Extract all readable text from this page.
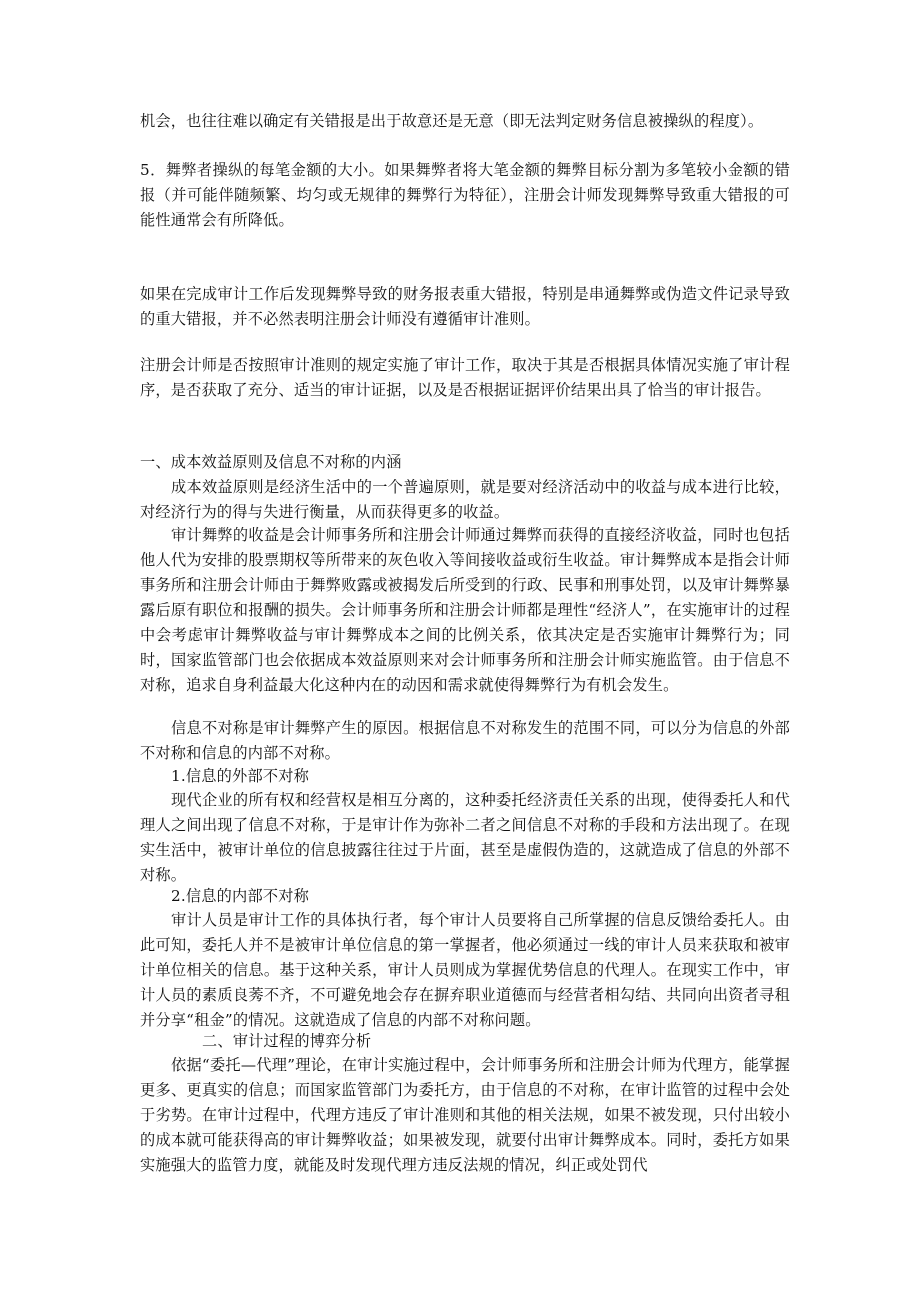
机会，也往往难以确定有关错报是出于故意还是无意（即无法判定财务信息被操纵的程度）。

5．舞弊者操纵的每笔金额的大小。如果舞弊者将大笔金额的舞弊目标分割为多笔较小金额的错报（并可能伴随频繁、均匀或无规律的舞弊行为特征），注册会计师发现舞弊导致重大错报的可能性通常会有所降低。

如果在完成审计工作后发现舞弊导致的财务报表重大错报，特别是串通舞弊或伪造文件记录导致的重大错报，并不必然表明注册会计师没有遵循审计准则。

注册会计师是否按照审计准则的规定实施了审计工作，取决于其是否根据具体情况实施了审计程序，是否获取了充分、适当的审计证据，以及是否根据证据评价结果出具了恰当的审计报告。

一、成本效益原则及信息不对称的内涵

成本效益原则是经济生活中的一个普遍原则，就是要对经济活动中的收益与成本进行比较，对经济行为的得与失进行衡量，从而获得更多的收益。

审计舞弊的收益是会计师事务所和注册会计师通过舞弊而获得的直接经济收益，同时也包括他人代为安排的股票期权等所带来的灰色收入等间接收益或衍生收益。审计舞弊成本是指会计师事务所和注册会计师由于舞弊败露或被揭发后所受到的行政、民事和刑事处罚，以及审计舞弊暴露后原有职位和报酬的损失。会计师事务所和注册会计师都是理性“经济人”，在实施审计的过程中会考虑审计舞弊收益与审计舞弊成本之间的比例关系，依其决定是否实施审计舞弊行为；同时，国家监管部门也会依据成本效益原则来对会计师事务所和注册会计师实施监管。由于信息不对称，追求自身利益最大化这种内在的动因和需求就使得舞弊行为有机会发生。

信息不对称是审计舞弊产生的原因。根据信息不对称发生的范围不同，可以分为信息的外部不对称和信息的内部不对称。

1.信息的外部不对称

现代企业的所有权和经营权是相互分离的，这种委托经济责任关系的出现，使得委托人和代理人之间出现了信息不对称，于是审计作为弥补二者之间信息不对称的手段和方法出现了。在现实生活中，被审计单位的信息披露往往过于片面，甚至是虚假伪造的，这就造成了信息的外部不对称。

2.信息的内部不对称

审计人员是审计工作的具体执行者，每个审计人员要将自己所掌握的信息反馈给委托人。由此可知，委托人并不是被审计单位信息的第一掌握者，他必须通过一线的审计人员来获取和被审计单位相关的信息。基于这种关系，审计人员则成为掌握优势信息的代理人。在现实工作中，审计人员的素质良莠不齐，不可避免地会存在摒弃职业道德而与经营者相勾结、共同向出资者寻租并分享“租金”的情况。这就造成了信息的内部不对称问题。

二、审计过程的博弈分析

依据“委托—代理”理论，在审计实施过程中，会计师事务所和注册会计师为代理方，能掌握更多、更真实的信息；而国家监管部门为委托方，由于信息的不对称，在审计监管的过程中会处于劣势。在审计过程中，代理方违反了审计准则和其他的相关法规，如果不被发现，只付出较小的成本就可能获得高的审计舞弊收益；如果被发现，就要付出审计舞弊成本。同时，委托方如果实施强大的监管力度，就能及时发现代理方违反法规的情况，纠正或处罚代
